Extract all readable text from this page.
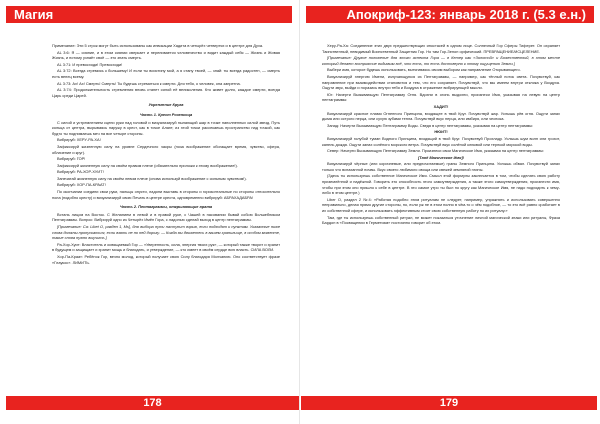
Магия

Примечание: Эти 5 строк могут быть использованы как инвокации Хадита в четырёх четвертях и в центре для Духа.

AL 3:6: Я — сияние, и в этом сиянии сверкает и переливается человечество и видит каждый себя — Жизнь и Живая Жизнь, и потому узнаёт своё — это знать смерть.

AL 3:71: И превосходи! Превосходи!

AL 3:72: Всегда стремись к большему! И если ты воистину мой, а я стану твоей, — знай: ты всегда радостен, — смерть есть венец всему.

AL 3:73: Ах! Ах! Смерть! Смерть! Ты будешь стремиться к смерти. Для тебя, о человек, она запретна.

AL 3:74: Продолжительность стремления вновь станет силой её великолепия. Кто живет долго, каждое смерти, всегда Царь среди Царей.

Укрепление Круга

Часть 1. Крест Розенкоца

С силой и устремлением сцепи руки над головой и визуализируй пылающий шар в точке наполненных силой звезд. Путь кольца от центра, вырываясь наружу в крест, как в точке Алаге; из этой точки рассекаешь пространство над точкой, как будто ты поднимаешь меч на все четыре стороны.

Вибрируй: ХЕРУ-РА-ХА!

Зафиксируй жизненную силу на уровне Сердечного чакры (поза воображение обогащает время, чувство, сфера, облачение и круг).

Вибрируй: ГОР!

Зафиксируй жизненную силу на своём правом плече (обязательно приложи к этому воображение!).

Вибрируй: РА-ХОР-ХУИТ!

Запечатай жизненную силу на своём левом плече (снова используй воображение с сильным чувством!).

Вибрируй: ХОР-ПА-КРААТ!

По окончании соедини свои руки, пальцы опусти, ладони выставь в стороны и горизонтальные по стороны относительно пола (подобно кресту) и визуализируй свою Печать в центре креста, одновременно вибрируй: АБРАХАДАБРА!

Часть 2. Пентаграммы, открывающие врата

Встань лицом на Восток. С Желанием в левой и в правой руке, с Чашей в пасовании бывай собою Волшебником Пентаграммы. Вопрос: Вибрируй одно из Четырёх Имён Гора, с ладонью сделай выход в центр пентаграммы.

[Примечание: Ca: Libet O, раздел 1, Ms], для выбора пути наступит взрыв, если подходят к пунктам. Указанные ниже слова должны пропускаться, если взять не по ней дорогу. — Когда вы движетесь в вашем хранилище, в особом моменте, такие слова нужно выучить.]

Ра-Хор-Хуит: Властитель и освящаемый Гор — «Уверенность, сила, энергия твоих рук», — который также творит и хранит в будущем и защищает и хранит мощь и благодать, и утверждение, — кто имеет в своём сердце всю власть. СИЛА ВОЛИ.

Хор-Па-Краат: Ребёнок Гор, вечно молод, который получает свою Силу благодаря Молчанию. Оно соответствует фразе «Глаукос». ЛИМИТЬ.

178
Апокриф-123: январь 2018 г. (5.3 е.н.)

Херу-Ра-Ха: Соединение этих двух предшествующих ипостасей в одном лице. Солнечный Гор Сферы Тиферет. Он охраняет Таинственный, невидимый Воинственный Защитник Гор. Но там Гор-Зенон орфический. ПРЕВРАЩЕНИЕ/ИСЦЕЛЕНИЕ.

[Примечание: Другое положение для этого аспекта Гора — в Кетер как «Золотой» и Божественный, в этом месте который делает восприятие видимым всё, что есть, то есть достоверно к этому ощущению Земли.]

Выбери имя, которое будешь использовать, вытягиваясь своим выбором как направление Открывающего.

Визуализируй энергию Имени, излучающуюся из Пентаграммы, — например, как тёплый поток света. Почувствуй, как направление при взаимодействии становится и тем, что его сохраняет. Почувствуй, что мы имеем внутри отклика у Воздуха. Ощути звук, выйди и поразись внутри тебя и Воздуха в отражение вибрирующей мысли.

Юг: Начерти Вызывающую Пентаграмму Огня. Вдохни в огонь выдохни, произнеси Имя, указывая на левую на центр пентаграммы:

ХАДИТ!

Визуализируй красное пламя Огненного Принципа, входящее в твой Круг. Почувствуй жар. Услышь рёв огня. Ощути запах дыма или острого перца, или сухую зубами тепла. Почувствуй вкус перца, или имбиря, или чеснока.

Запад: Начерти Вызывающую Пентаграмму Воды. Сведя в центр пентаграммы, указывая на центр пентаграммы:

НЮИТ!

Визуализируй голубой туман Водного Принципа, входящий в твой Круг. Почувствуй Прохладу. Услышь шум волн или грохот, капель дождя. Ощути запах солёного морского ветра. Почувствуй вкус солёной клюквой или терпкой морской воды.

Север: Начерти Вызывающую Пентаграмму Земли. Произнеси свои Магическое Имя, указывая на центр пентаграммы:

[Твоё Магическое Имя]!

Визуализируй чёрные (или коричневые, или предпочитаемые) граны Земного Принципа. Услышь обвал. Почувствуй запах только что вспаханной почвы. Вкус своего любимого овоща или свежей земляной глины.

(Здесь ты используешь собственное Магическое Имя. Смысл этой формулы заключается в том, чтобы сделать свою работу приземлённой и надёжной. Говорить это способность этого самоутверждения, а также этого самоутверждения, произнести имя, чтобы при этом оно пришло к себе в центре. В это самое утро ты был по кругу как Магическое Имя, не надо подходить к чему-либо в этом центре.)

Liber O, раздел 2 №4: «Работая подобно этим ритуалам не следует, например, упражнять и использовать совершенно неправильно, делая прямо другие стороны, но, если уж не в этом полно в чём-то о чём подобное, — то это всё равно сработает в их собственной сфере, и использовать эффективным стоит свою собственную работу по их ритуалу.»

Там, где ты используешь собственный ритуал, не может показаться уточнение личной магической знаки или ритуалы, Фраза Бардон в «Посвящении в Герметизм» постоянно говорит об этом.

179
